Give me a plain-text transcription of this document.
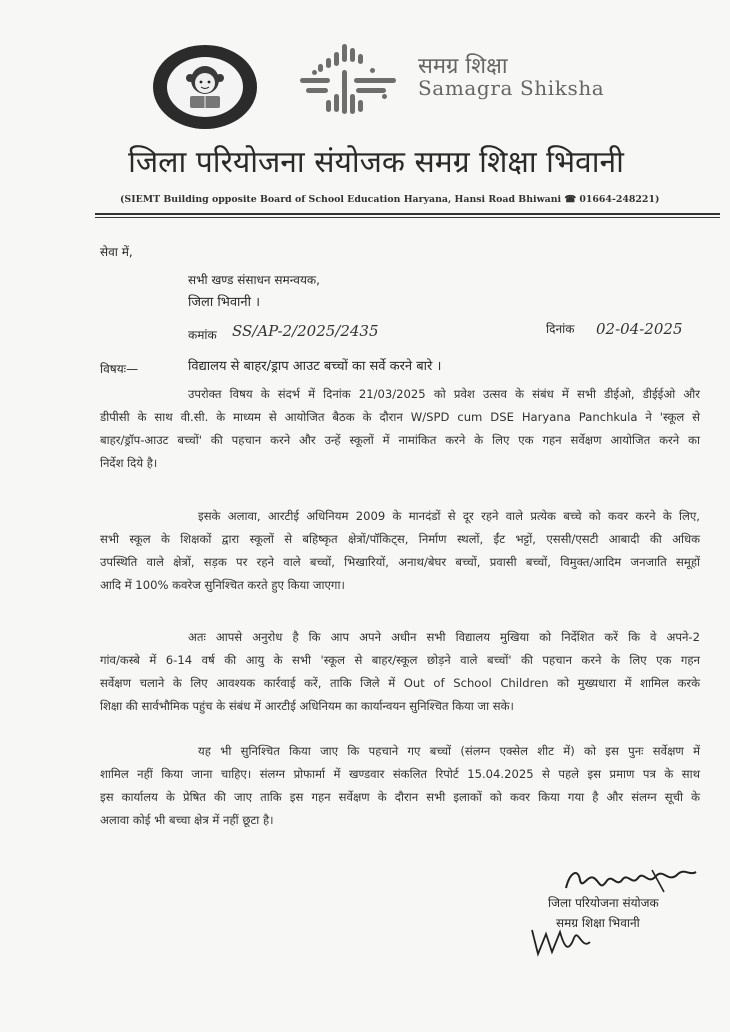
समग्र शिक्षा
Samagra Shiksha
जिला परियोजना संयोजक समग्र शिक्षा भिवानी
(SIEMT Building opposite Board of School Education Haryana, Hansi Road Bhiwani ☎ 01664-248221)
सेवा में,
सभी खण्ड संसाधन समन्वयक,
जिला भिवानी ।
कमांक SS/AP-2/2025/2435	दिनांक 02-04-2025
विषयः—	विद्यालय से बाहर/ड्राप आउट बच्चों का सर्वे करने बारे ।

उपरोक्त विषय के संदर्भ में दिनांक 21/03/2025 को प्रवेश उत्सव के संबंध में सभी डीईओ, डीईईओ और

डीपीसी के साथ वी.सी. के माध्यम से आयोजित बैठक के दौरान W/SPD cum DSE Haryana Panchkula ने 'स्कूल से

बाहर/ड्रॉप-आउट बच्चों' की पहचान करने और उन्हें स्कूलों में नामांकित करने के लिए एक गहन सर्वेक्षण आयोजित करने का

निर्देश दिये है।

इसके अलावा, आरटीई अधिनियम 2009 के मानदंडों से दूर रहने वाले प्रत्येक बच्चे को कवर करने के लिए,

सभी स्कूल के शिक्षकों द्वारा स्कूलों से बहिष्कृत क्षेत्रों/पॉकिट्स, निर्माण स्थलों, ईंट भट्टों, एससी/एसटी आबादी की अधिक

उपस्थिति वाले क्षेत्रों, सड़क पर रहने वाले बच्चों, भिखारियों, अनाथ/बेघर बच्चों, प्रवासी बच्चों, विमुक्त/आदिम जनजाति समूहों

आदि में 100% कवरेज सुनिश्चित करते हुए किया जाएगा।

अतः आपसे अनुरोध है कि आप अपने अधीन सभी विद्यालय मुखिया को निर्देशित करें कि वे अपने-2

गांव/कस्बे में 6-14 वर्ष की आयु के सभी 'स्कूल से बाहर/स्कूल छोड़ने वाले बच्चों' की पहचान करने के लिए एक गहन

सर्वेक्षण चलाने के लिए आवश्यक कार्रवाई करें, ताकि जिले में Out of School Children को मुख्यधारा में शामिल करके

शिक्षा की सार्वभौमिक पहुंच के संबंध में आरटीई अधिनियम का कार्यान्वयन सुनिश्चित किया जा सके।

यह भी सुनिश्चित किया जाए कि पहचाने गए बच्चों (संलग्न एक्सेल शीट में) को इस पुनः सर्वेक्षण में

शामिल नहीं किया जाना चाहिए। संलग्न प्रोफार्मा में खण्डवार संकलित रिपोर्ट 15.04.2025 से पहले इस प्रमाण पत्र के साथ

इस कार्यालय के प्रेषित की जाए ताकि इस गहन सर्वेक्षण के दौरान सभी इलाकों को कवर किया गया है और संलग्न सूची के

अलावा कोई भी बच्चा क्षेत्र में नहीं छूटा है।

जिला परियोजना संयोजक
समग्र शिक्षा भिवानी
